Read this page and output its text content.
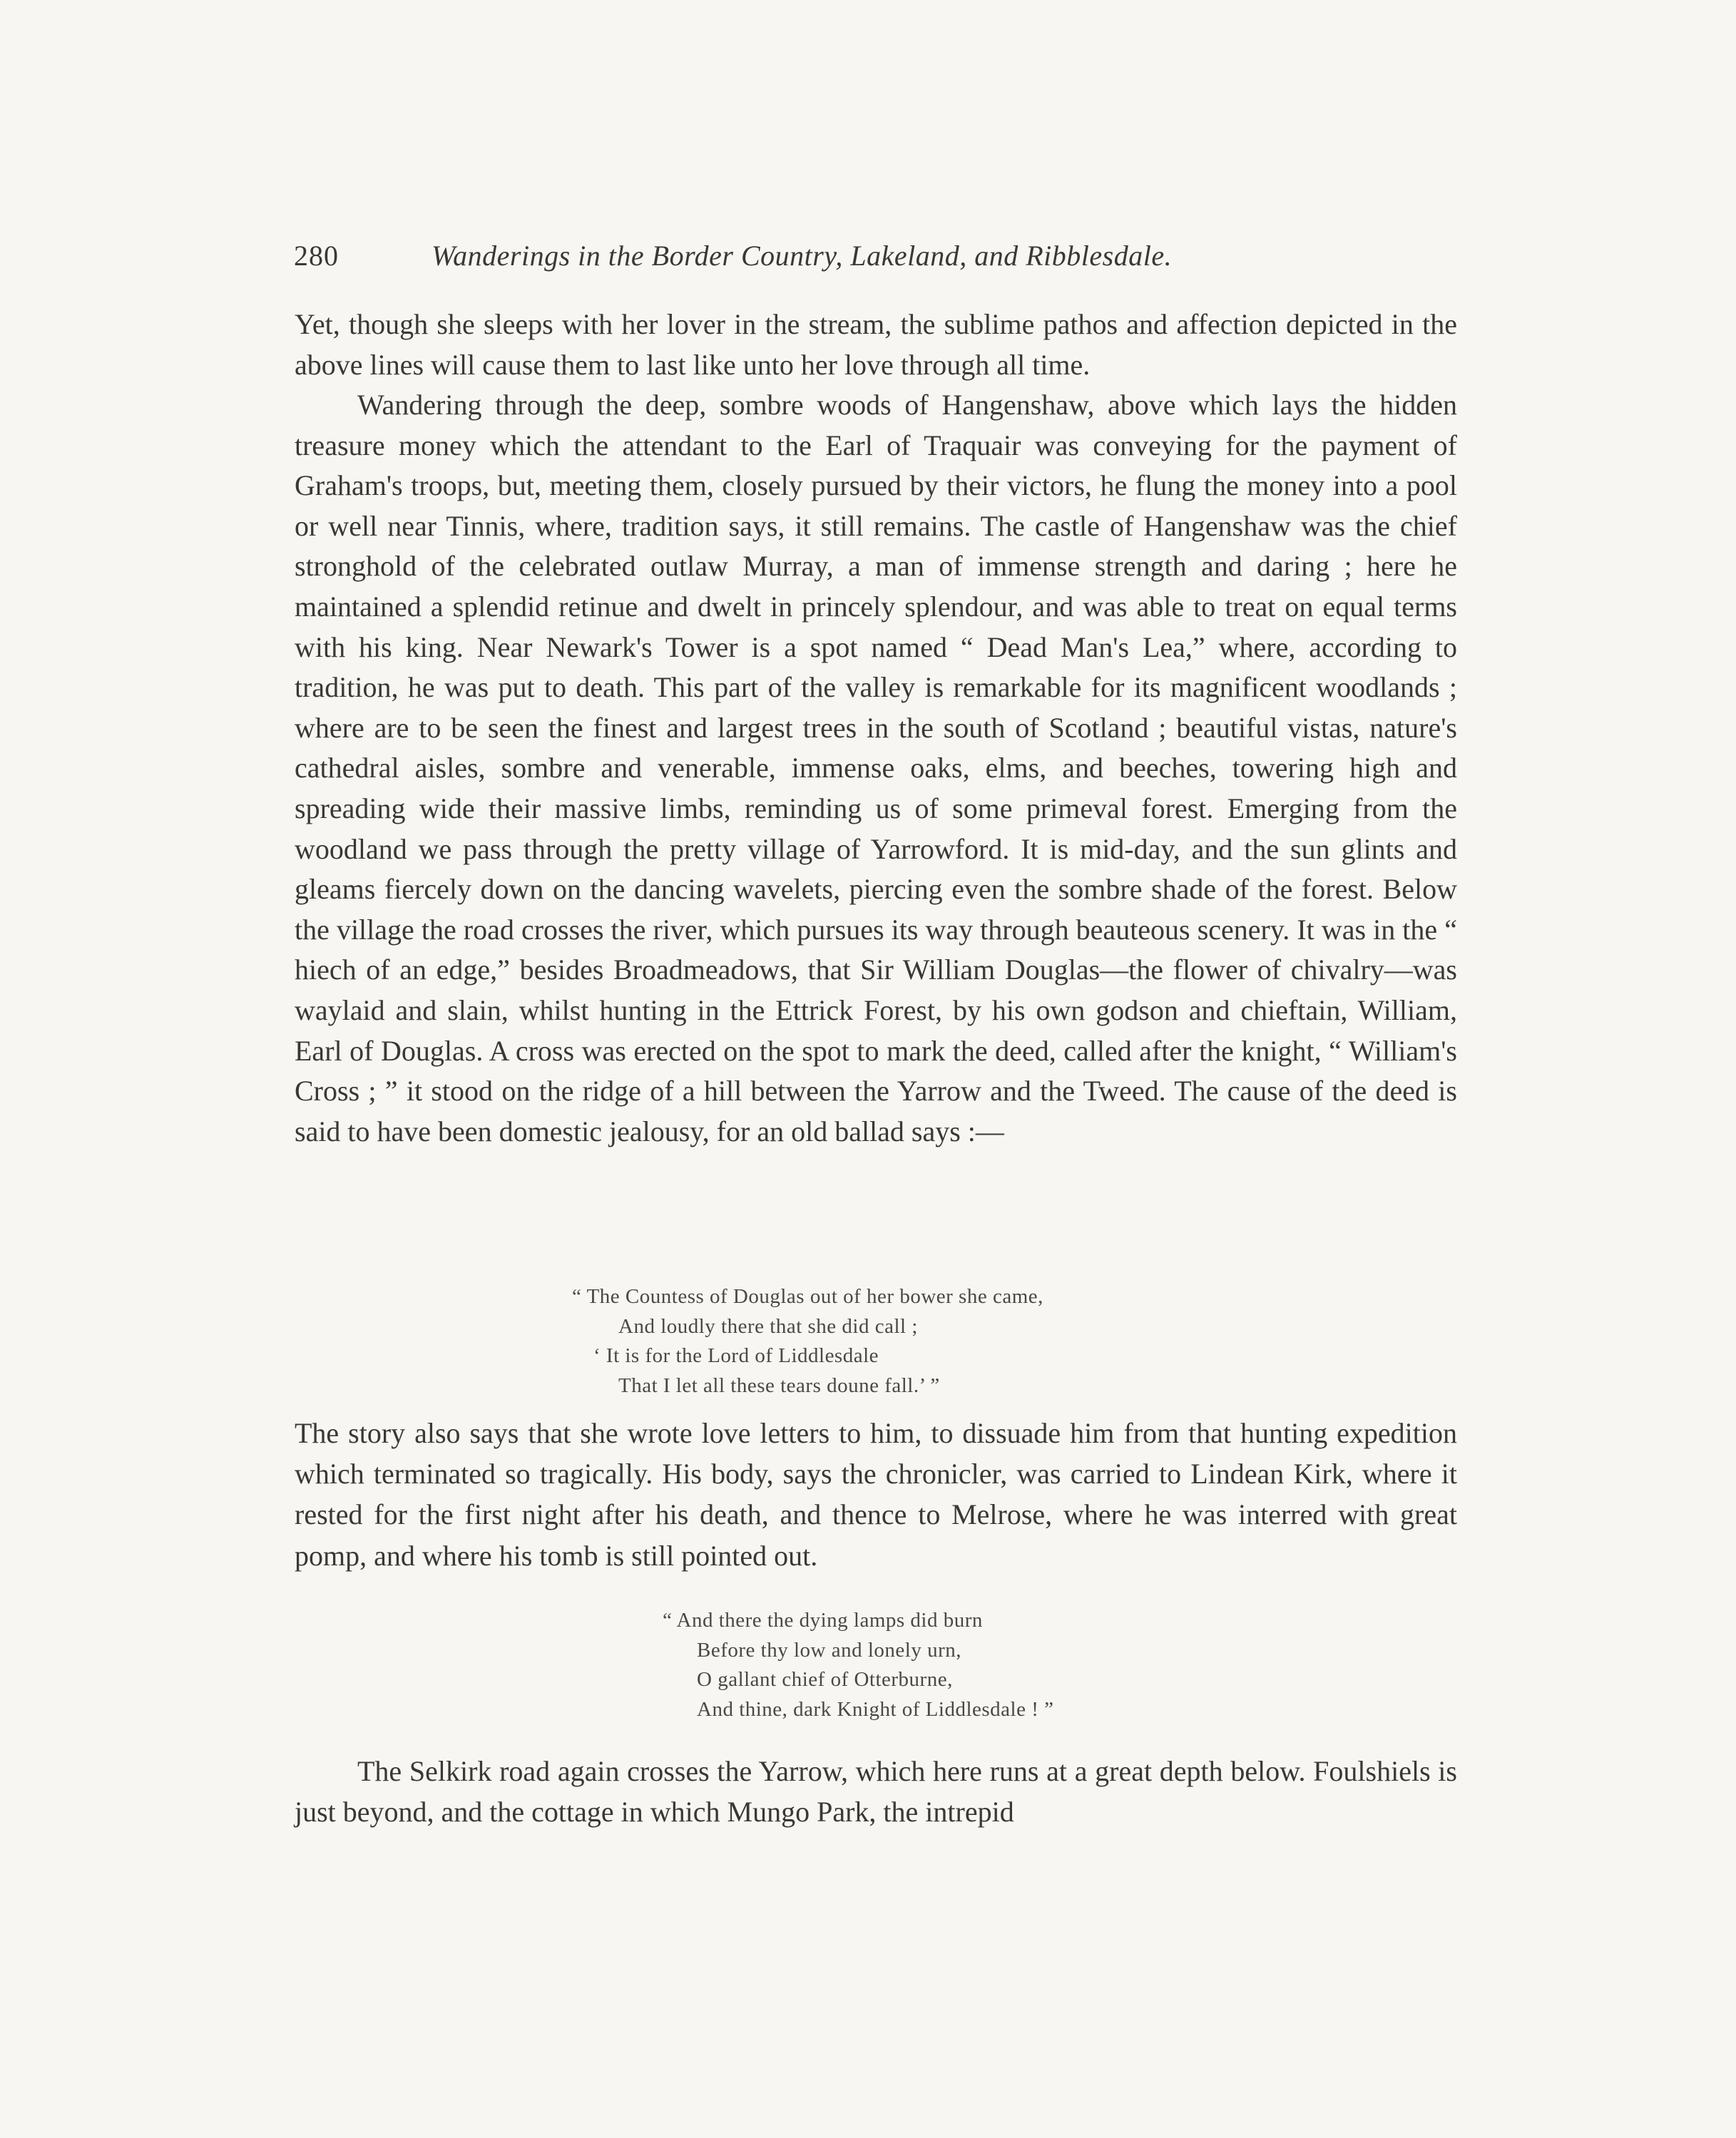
280	Wanderings in the Border Country, Lakeland, and Ribblesdale.

Yet, though she sleeps with her lover in the stream, the sublime pathos and affection depicted in the above lines will cause them to last like unto her love through all time.

Wandering through the deep, sombre woods of Hangenshaw, above which lays the hidden treasure money which the attendant to the Earl of Traquair was conveying for the payment of Graham's troops, but, meeting them, closely pursued by their victors, he flung the money into a pool or well near Tinnis, where, tradition says, it still remains. The castle of Hangenshaw was the chief stronghold of the celebrated outlaw Murray, a man of immense strength and daring ; here he maintained a splendid retinue and dwelt in princely splendour, and was able to treat on equal terms with his king. Near Newark's Tower is a spot named “ Dead Man's Lea,” where, according to tradition, he was put to death. This part of the valley is remarkable for its magnificent woodlands ; where are to be seen the finest and largest trees in the south of Scotland ; beautiful vistas, nature's cathedral aisles, sombre and venerable, immense oaks, elms, and beeches, towering high and spreading wide their massive limbs, reminding us of some primeval forest. Emerging from the woodland we pass through the pretty village of Yarrowford. It is mid-day, and the sun glints and gleams fiercely down on the dancing wavelets, piercing even the sombre shade of the forest. Below the village the road crosses the river, which pursues its way through beauteous scenery. It was in the “ hiech of an edge,” besides Broadmeadows, that Sir William Douglas—the flower of chivalry—was waylaid and slain, whilst hunting in the Ettrick Forest, by his own godson and chieftain, William, Earl of Douglas. A cross was erected on the spot to mark the deed, called after the knight, “ William's Cross ; ” it stood on the ridge of a hill between the Yarrow and the Tweed. The cause of the deed is said to have been domestic jealousy, for an old ballad says :—

“ The Countess of Douglas out of her bower she came,
And loudly there that she did call ;
‘ It is for the Lord of Liddlesdale
That I let all these tears doune fall.’ ”

The story also says that she wrote love letters to him, to dissuade him from that hunting expedition which terminated so tragically. His body, says the chronicler, was carried to Lindean Kirk, where it rested for the first night after his death, and thence to Melrose, where he was interred with great pomp, and where his tomb is still pointed out.

“ And there the dying lamps did burn
Before thy low and lonely urn,
O gallant chief of Otterburne,
And thine, dark Knight of Liddlesdale ! ”

The Selkirk road again crosses the Yarrow, which here runs at a great depth below. Foulshiels is just beyond, and the cottage in which Mungo Park, the intrepid
